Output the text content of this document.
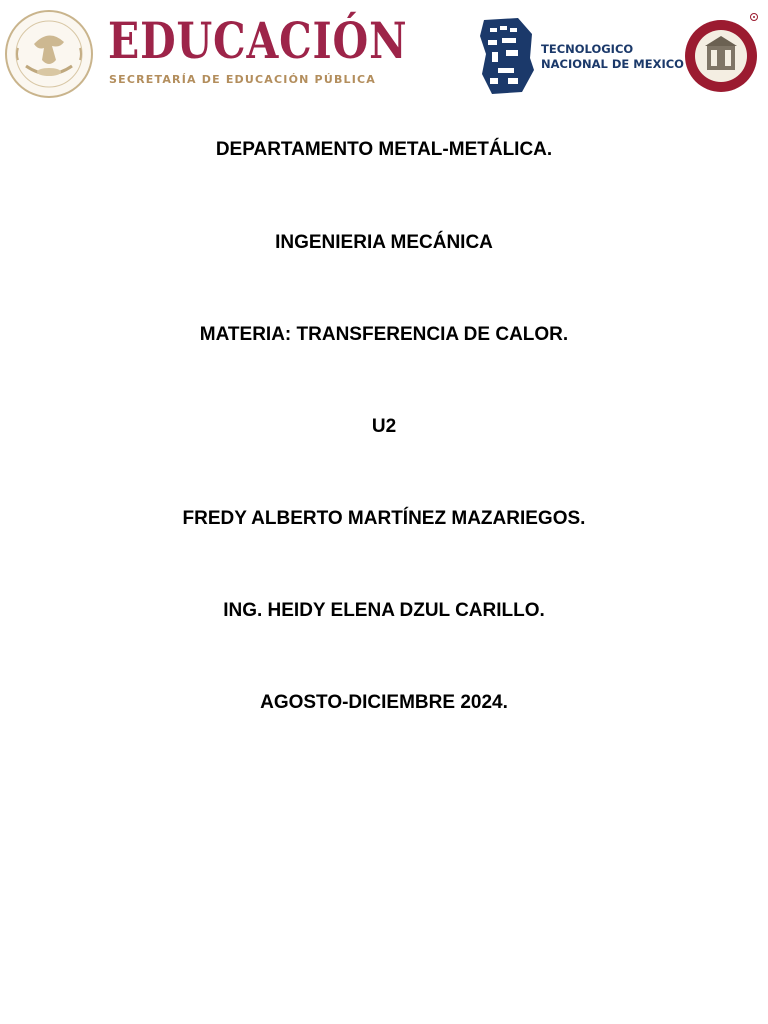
EDUCACIÓN
SECRETARÍA DE EDUCACIÓN PÚBLICA
TECNOLOGICO
NACIONAL DE MEXICO
DEPARTAMENTO METAL-METÁLICA.
INGENIERIA MECÁNICA
MATERIA: TRANSFERENCIA DE CALOR.
U2
FREDY ALBERTO MARTÍNEZ MAZARIEGOS.
ING. HEIDY ELENA DZUL CARILLO.
AGOSTO-DICIEMBRE 2024.
